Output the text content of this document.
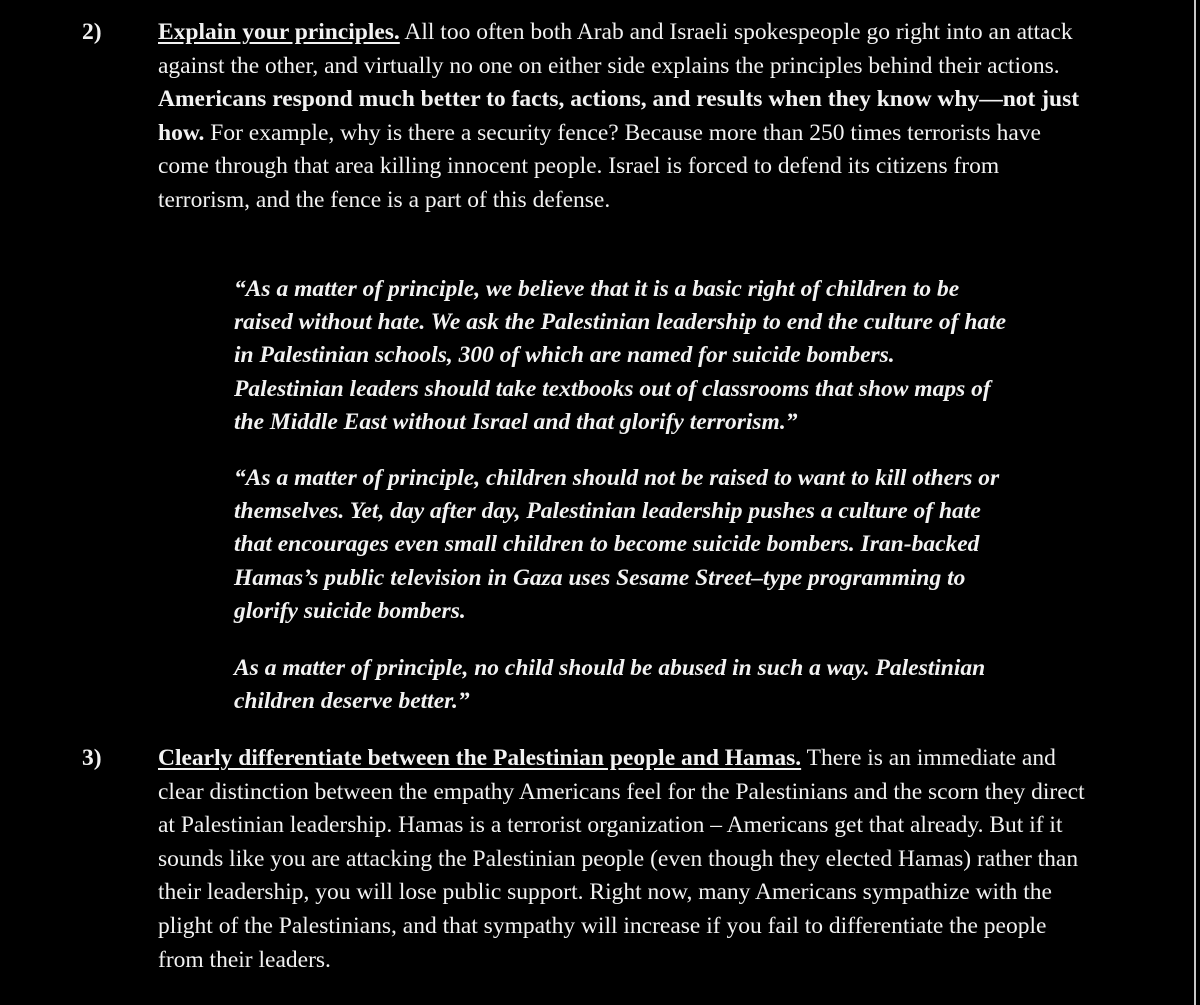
2) Explain your principles. All too often both Arab and Israeli spokespeople go right into an attack against the other, and virtually no one on either side explains the principles behind their actions. Americans respond much better to facts, actions, and results when they know why—not just how. For example, why is there a security fence? Because more than 250 times terrorists have come through that area killing innocent people. Israel is forced to defend its citizens from terrorism, and the fence is a part of this defense.

“As a matter of principle, we believe that it is a basic right of children to be

raised without hate. We ask the Palestinian leadership to end the culture of hate

in Palestinian schools, 300 of which are named for suicide bombers.

Palestinian leaders should take textbooks out of classrooms that show maps of

the Middle East without Israel and that glorify terrorism.”

“As a matter of principle, children should not be raised to want to kill others or

themselves. Yet, day after day, Palestinian leadership pushes a culture of hate

that encourages even small children to become suicide bombers. Iran-backed

Hamas’s public television in Gaza uses Sesame Street–type programming to

glorify suicide bombers.

As a matter of principle, no child should be abused in such a way. Palestinian

children deserve better.”

3) Clearly differentiate between the Palestinian people and Hamas. There is an immediate and clear distinction between the empathy Americans feel for the Palestinians and the scorn they direct at Palestinian leadership. Hamas is a terrorist organization – Americans get that already. But if it sounds like you are attacking the Palestinian people (even though they elected Hamas) rather than their leadership, you will lose public support. Right now, many Americans sympathize with the plight of the Palestinians, and that sympathy will increase if you fail to differentiate the people from their leaders.
